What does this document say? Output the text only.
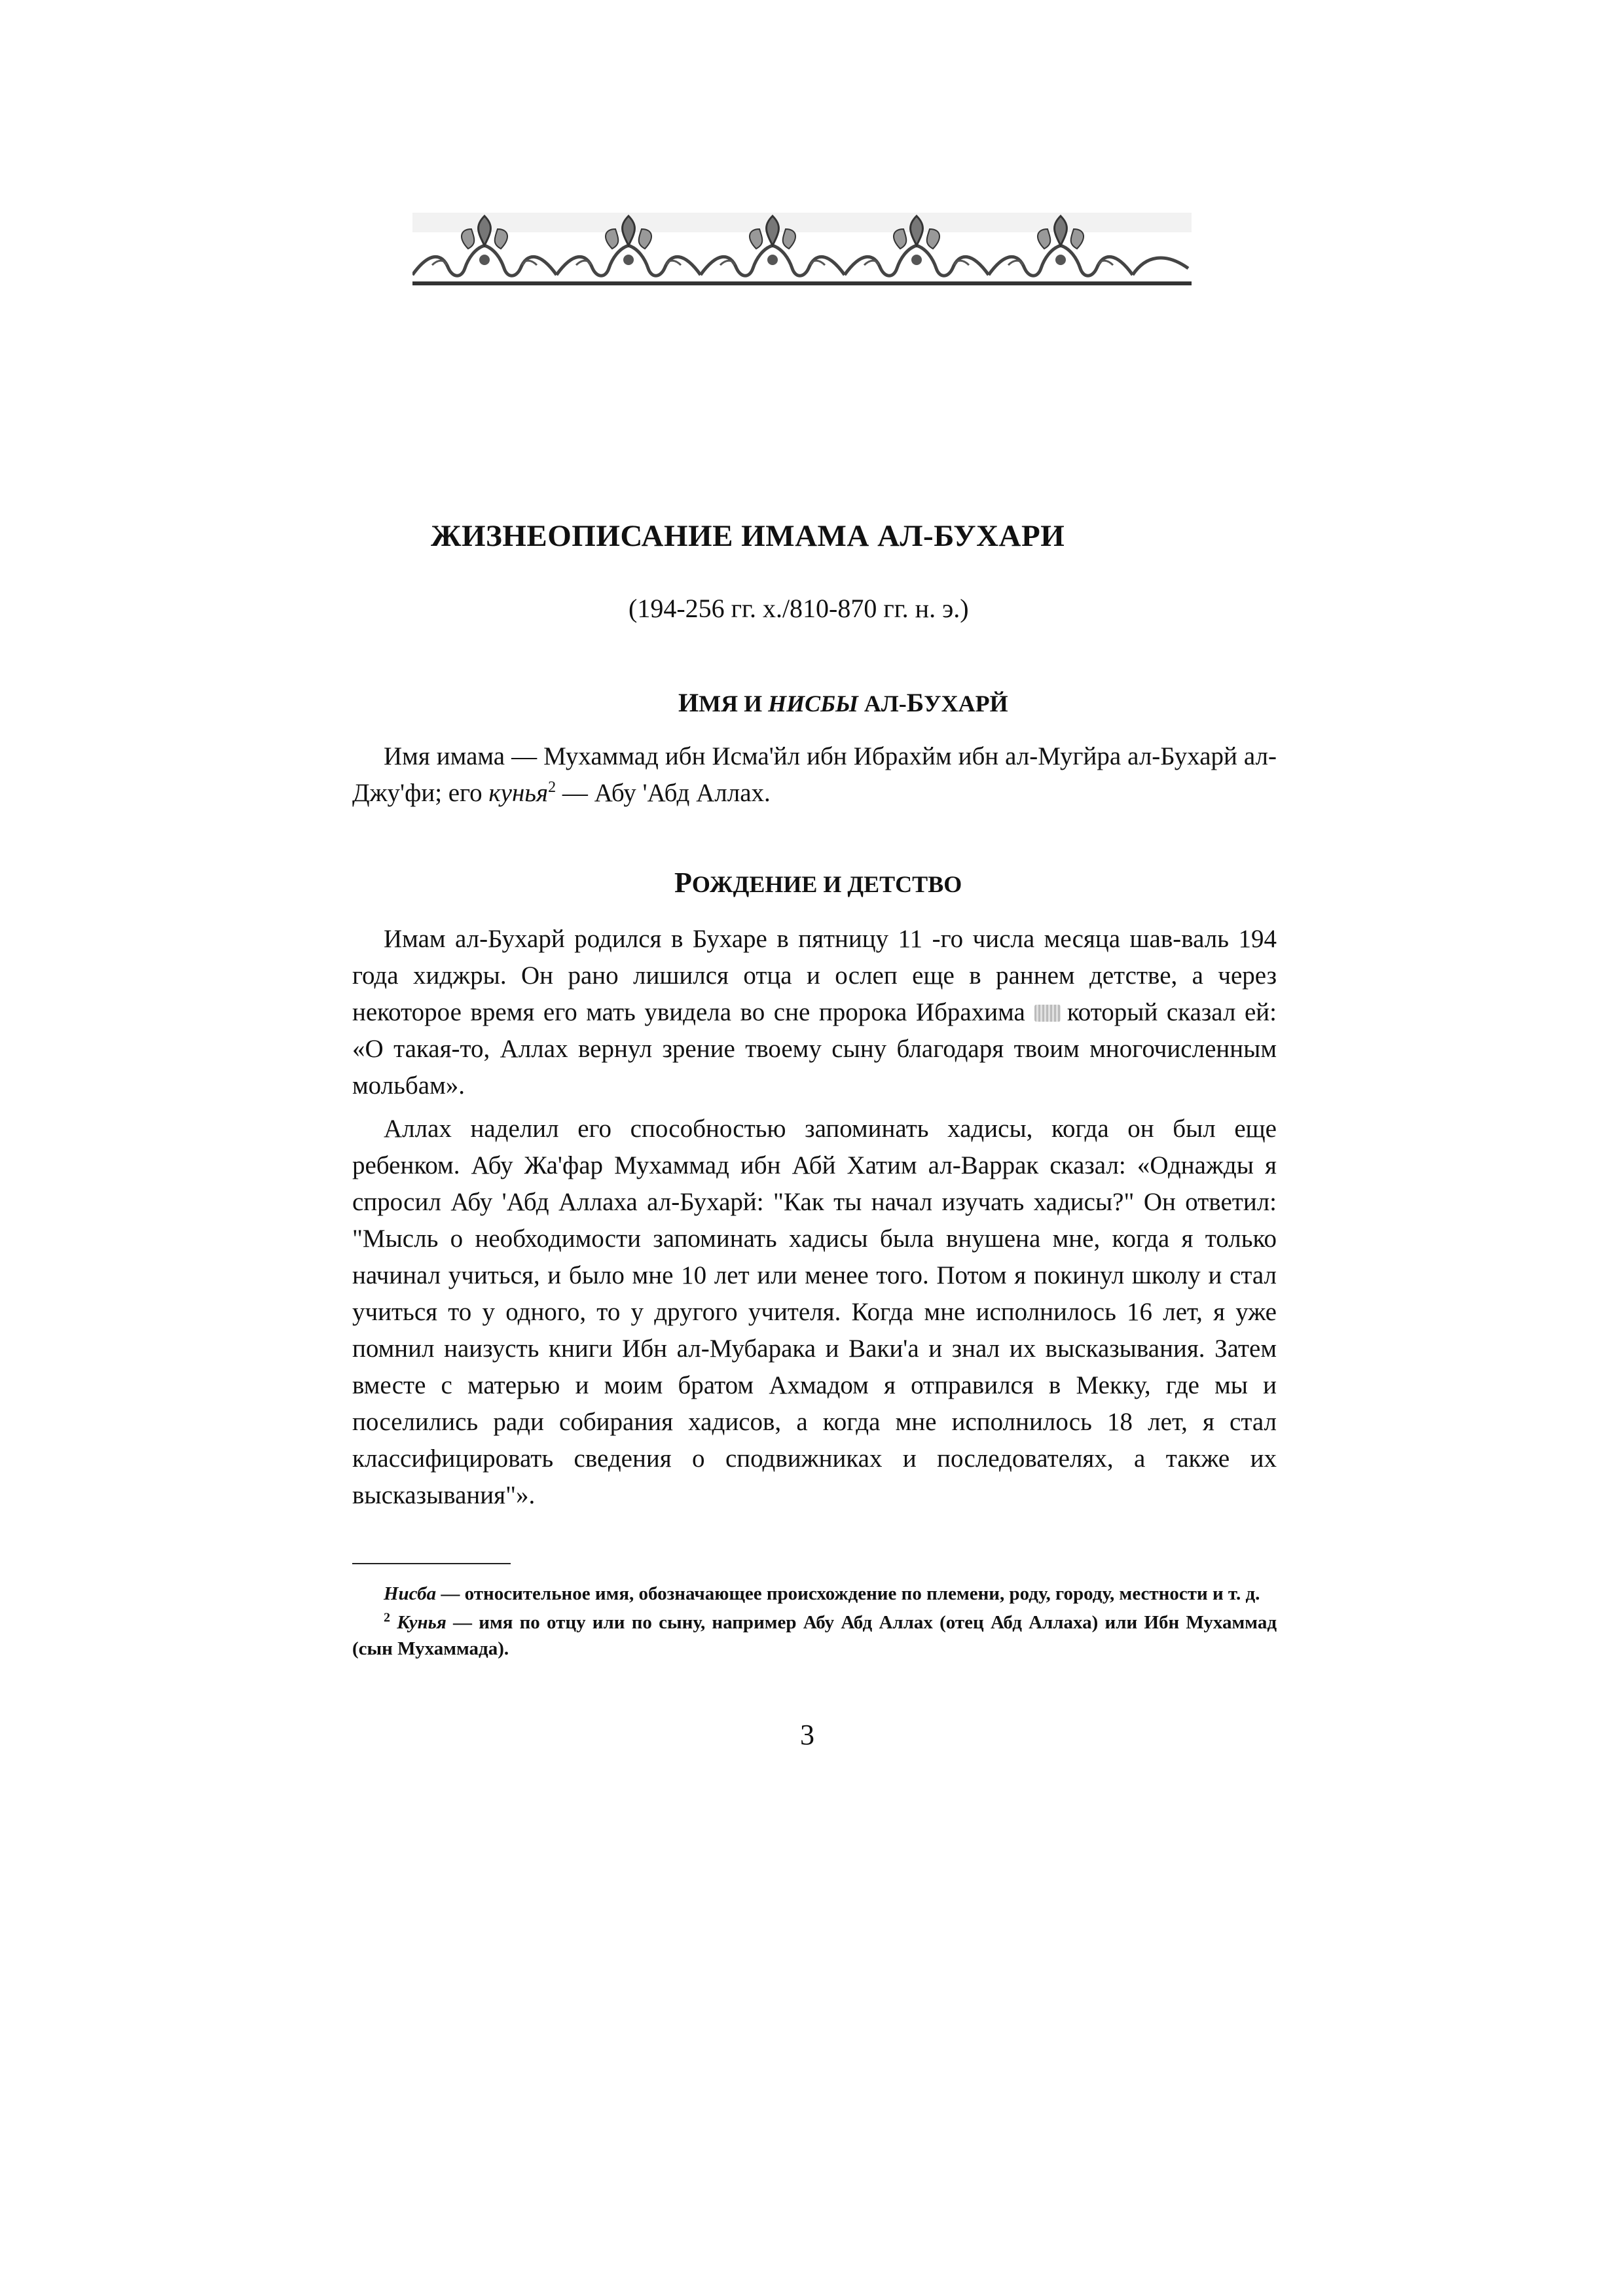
ЖИЗНЕОПИСАНИЕ ИМАМА АЛ-БУХАРИ
(194-256 гг. х./810-870 гг. н. э.)
ИМЯ И НИСБЫ АЛ-БУХАРЙ

Имя имама — Мухаммад ибн Исма'йл ибн Ибрахйм ибн ал-Мугйра ал-Бухарй ал-Джу'фи; его кунья$^2$ — Абу 'Абд Аллах.

РОЖДЕНИЕ И ДЕТСТВО

Имам ал-Бухарй родился в Бухаре в пятницу 11 -го числа месяца шав-валь 194 года хиджры. Он рано лишился отца и ослеп еще в раннем детстве, а через некоторое время его мать увидела во сне пророка Ибрахима который сказал ей: «О такая-то, Аллах вернул зрение твоему сыну благодаря твоим многочисленным мольбам».

Аллах наделил его способностью запоминать хадисы, когда он был еще ребенком. Абу Жа'фар Мухаммад ибн Абй Хатим ал-Варрак сказал: «Однажды я спросил Абу 'Абд Аллаха ал-Бухарй: "Как ты начал изучать хадисы?" Он ответил: "Мысль о необходимости запоминать хадисы была внушена мне, когда я только начинал учиться, и было мне 10 лет или менее того. Потом я покинул школу и стал учиться то у одного, то у другого учителя. Когда мне исполнилось 16 лет, я уже помнил наизусть книги Ибн ал-Мубарака и Ваки'а и знал их высказывания. Затем вместе с матерью и моим братом Ахмадом я отправился в Мекку, где мы и поселились ради собирания хадисов, а когда мне исполнилось 18 лет, я стал классифицировать сведения о сподвижниках и последователях, а также их высказывания"».

Нисба — относительное имя, обозначающее происхождение по племени, роду, городу, местности и т. д.

$^2$ Кунья — имя по отцу или по сыну, например Абу Абд Аллах (отец Абд Аллаха) или Ибн Мухаммад (сын Мухаммада).

3
